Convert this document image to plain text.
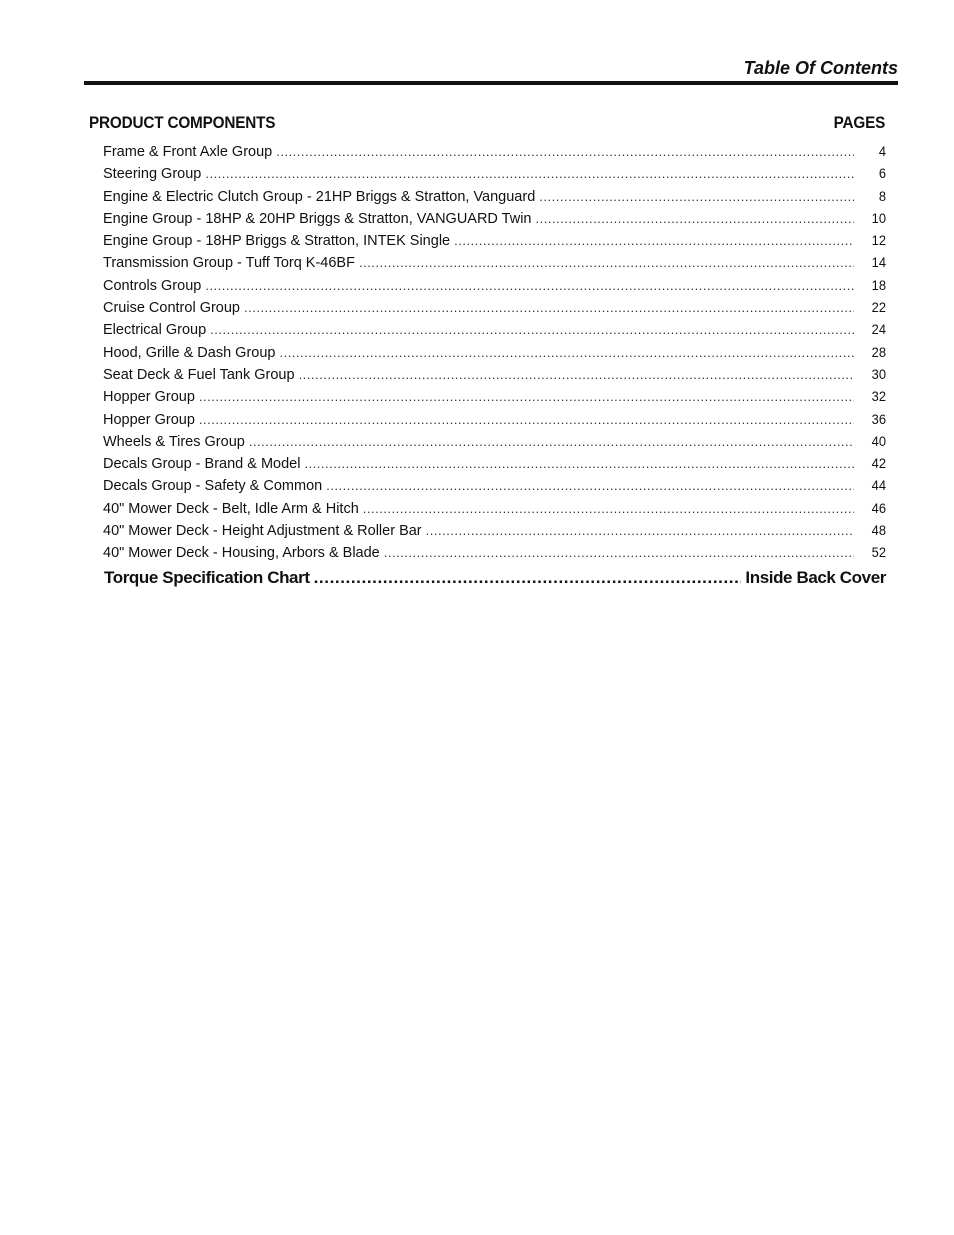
Table Of Contents
PRODUCT COMPONENTS	PAGES
Frame & Front Axle Group .....	4
Steering Group .....	6
Engine & Electric Clutch Group - 21HP Briggs & Stratton, Vanguard .....	8
Engine Group - 18HP & 20HP Briggs & Stratton, VANGUARD Twin .....	10
Engine Group - 18HP Briggs & Stratton, INTEK Single .....	12
Transmission Group - Tuff Torq K-46BF .....	14
Controls Group .....	18
Cruise Control Group .....	22
Electrical Group .....	24
Hood, Grille & Dash Group .....	28
Seat Deck & Fuel Tank Group .....	30
Hopper Group .....	32
Hopper Group .....	36
Wheels & Tires Group .....	40
Decals Group - Brand & Model .....	42
Decals Group - Safety & Common .....	44
40" Mower Deck - Belt, Idle Arm & Hitch .....	46
40" Mower Deck - Height Adjustment & Roller Bar .....	48
40" Mower Deck - Housing, Arbors & Blade .....	52
Torque Specification Chart .....	Inside Back Cover
